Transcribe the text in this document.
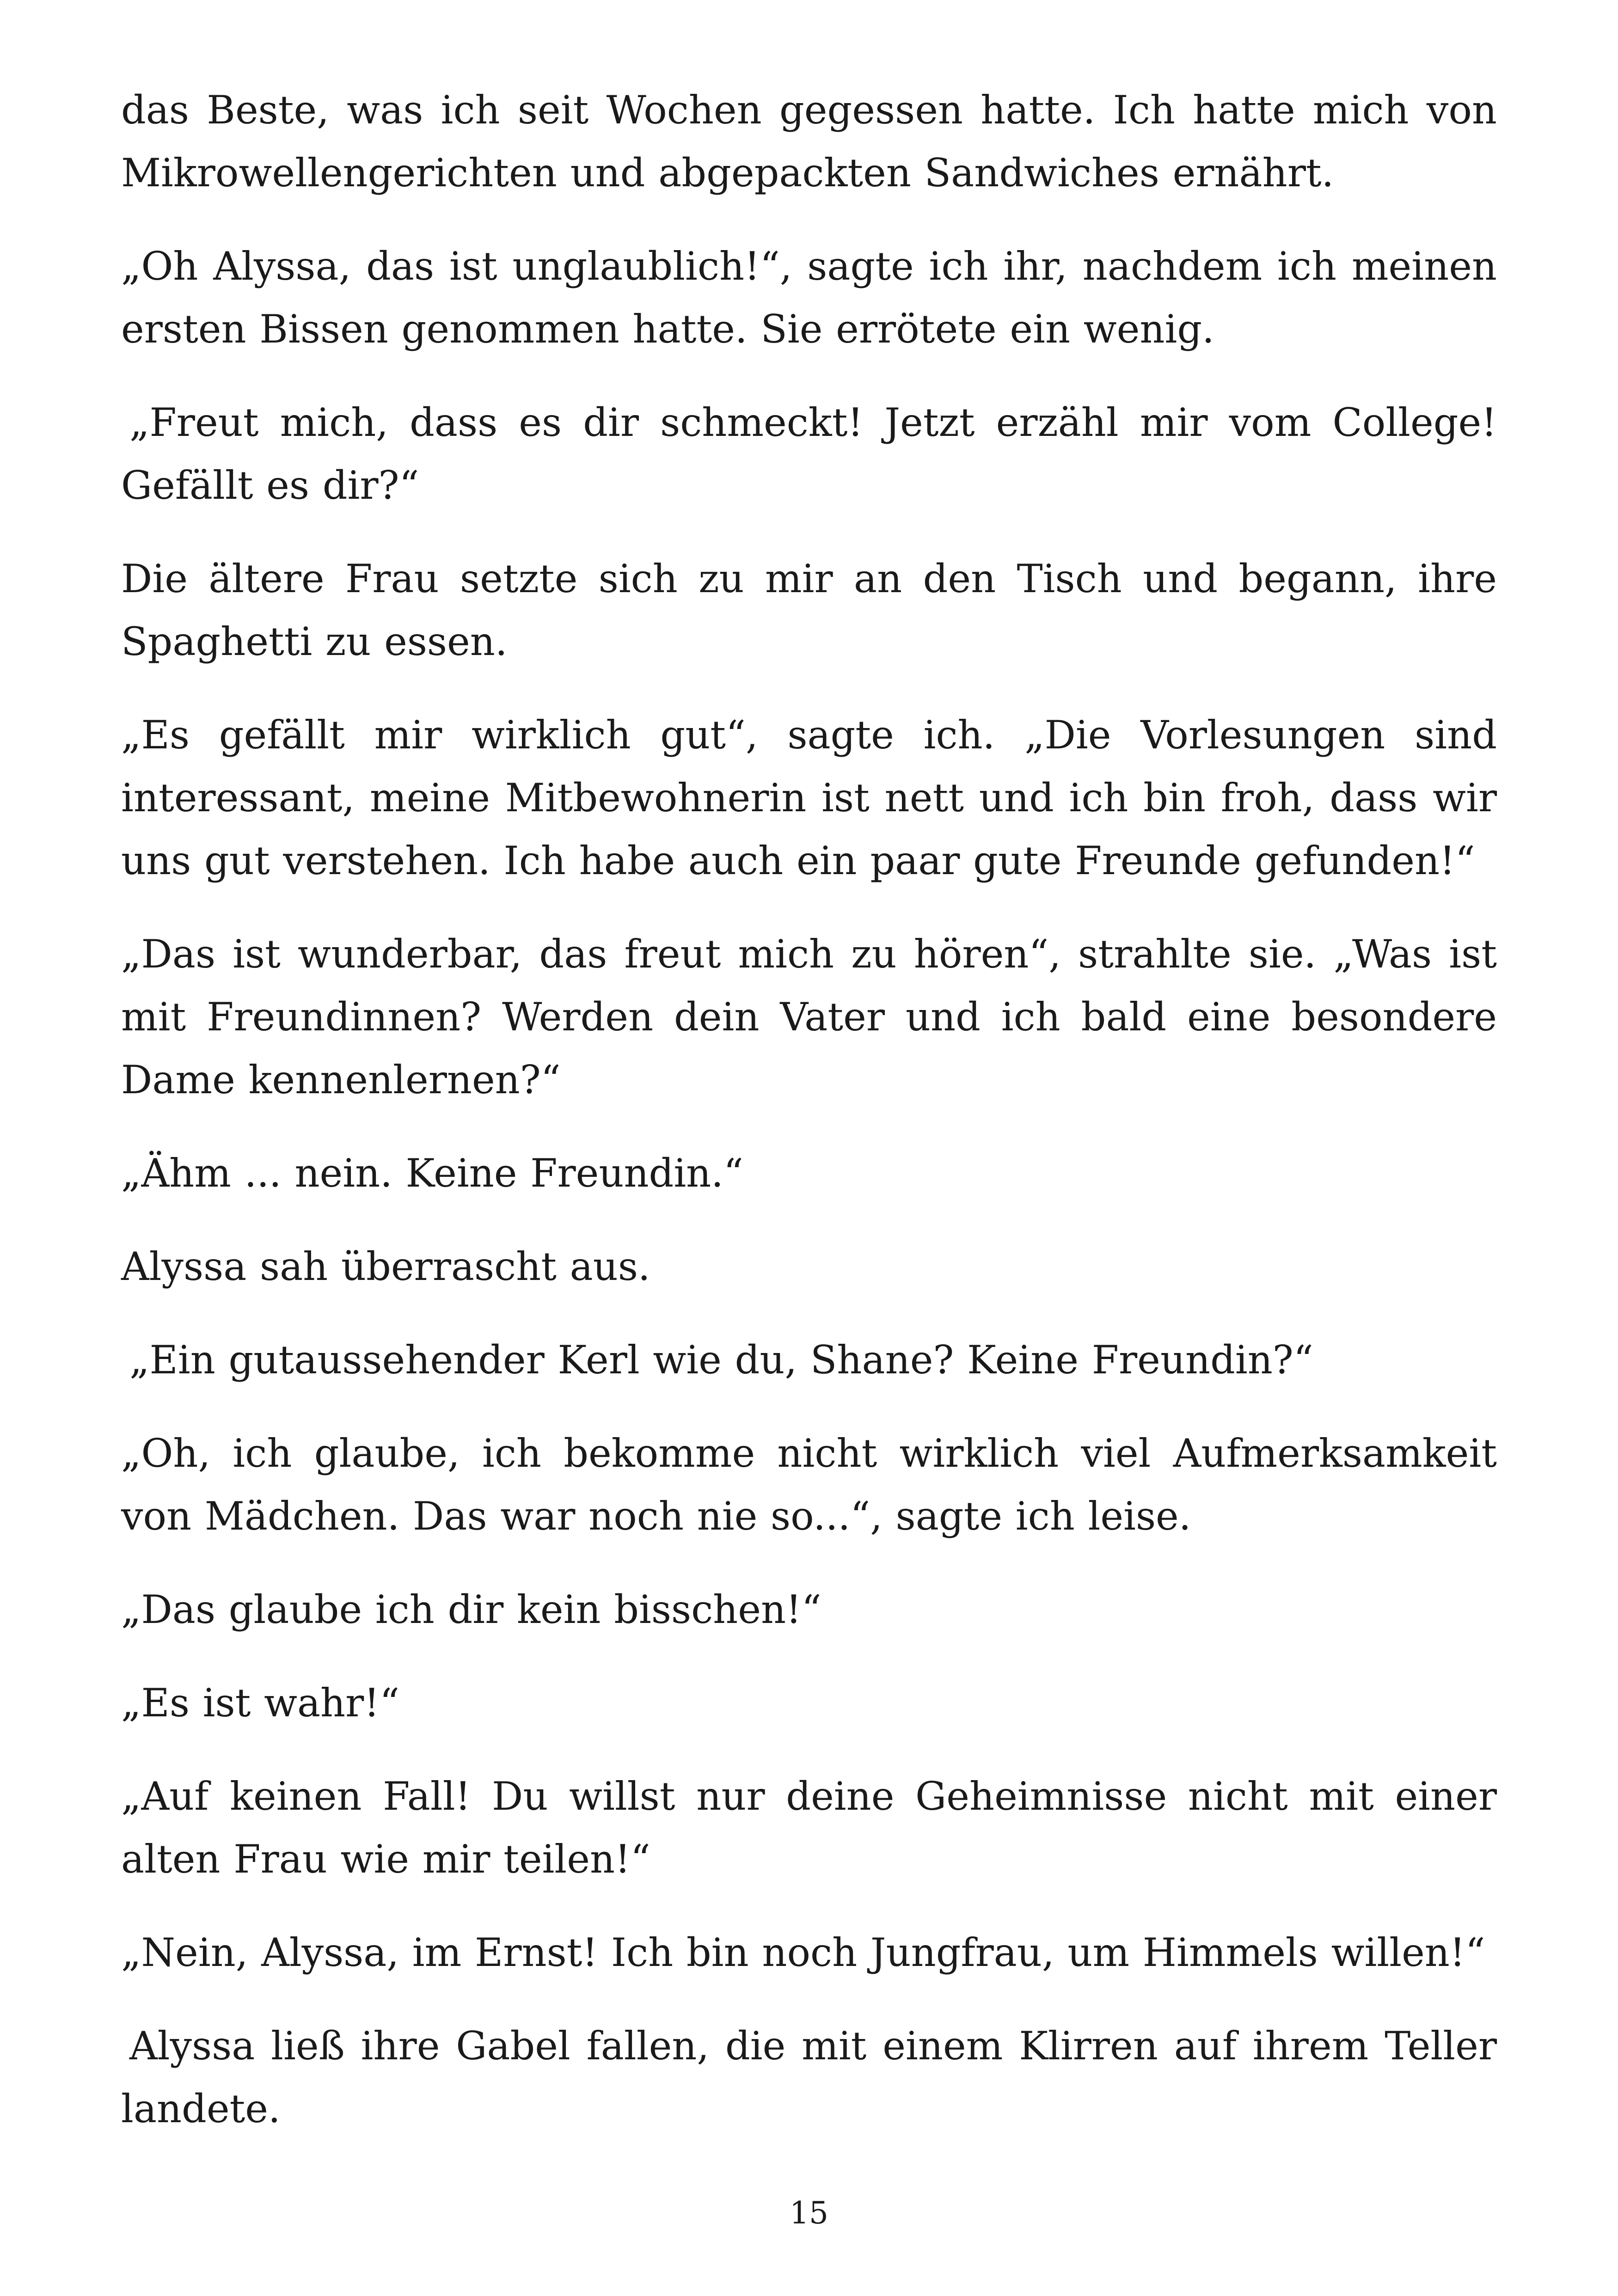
das Beste, was ich seit Wochen gegessen hatte. Ich hatte mich von Mikrowellengerichten und abgepackten Sandwiches ernährt.

„Oh Alyssa, das ist unglaublich!“, sagte ich ihr, nachdem ich meinen ersten Bissen genommen hatte. Sie errötete ein wenig.

„Freut mich, dass es dir schmeckt! Jetzt erzähl mir vom College! Gefällt es dir?“

Die ältere Frau setzte sich zu mir an den Tisch und begann, ihre Spaghetti zu essen.

„Es gefällt mir wirklich gut“, sagte ich. „Die Vorlesungen sind interessant, meine Mitbewohnerin ist nett und ich bin froh, dass wir uns gut verstehen. Ich habe auch ein paar gute Freunde gefunden!“

„Das ist wunderbar, das freut mich zu hören“, strahlte sie. „Was ist mit Freundinnen? Werden dein Vater und ich bald eine besondere Dame kennenlernen?“

„Ähm ... nein. Keine Freundin.“

Alyssa sah überrascht aus.

„Ein gutaussehender Kerl wie du, Shane? Keine Freundin?“

„Oh, ich glaube, ich bekomme nicht wirklich viel Aufmerksamkeit von Mädchen. Das war noch nie so...“, sagte ich leise.

„Das glaube ich dir kein bisschen!“

„Es ist wahr!“

„Auf keinen Fall! Du willst nur deine Geheimnisse nicht mit einer alten Frau wie mir teilen!“

„Nein, Alyssa, im Ernst! Ich bin noch Jungfrau, um Himmels willen!“

Alyssa ließ ihre Gabel fallen, die mit einem Klirren auf ihrem Teller landete.

15
